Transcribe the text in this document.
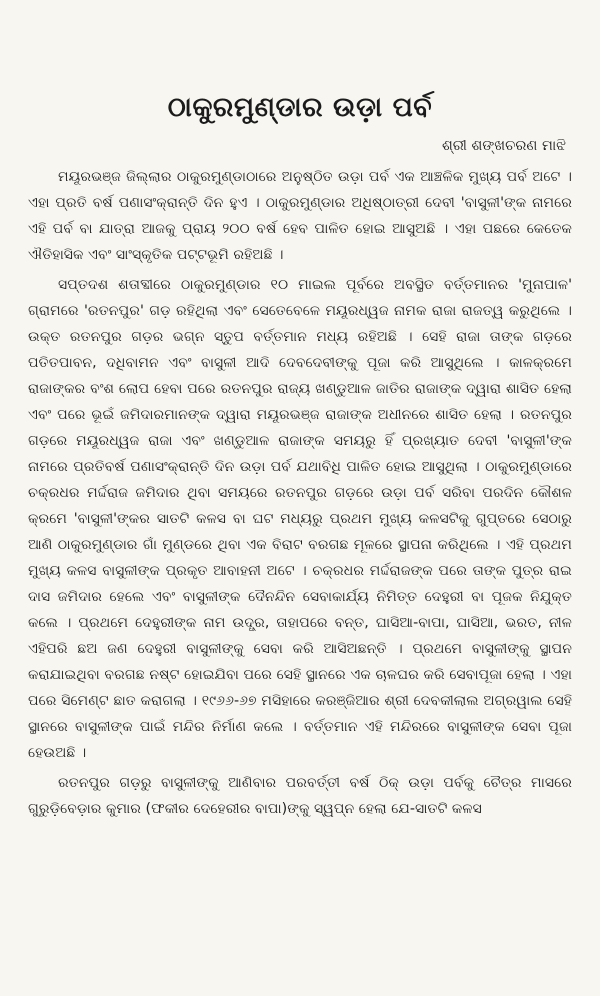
ଠାକୁରମୁଣ୍ଡାର ଉଡ଼ା ପର୍ବ
ଶ୍ରୀ ଶଙ୍ଖଚରଣ ମାଝି

ମୟୂରଭଞ୍ଜ ଜିଲ୍ଲାର ଠାକୁରମୁଣ୍ଡାଠାରେ ଅନୁଷ୍ଠିତ ଉଡ଼ା ପର୍ବ ଏକ ଆଞ୍ଚଳିକ ମୁଖ୍ୟ ପର୍ବ ଅଟେ । ଏହା ପ୍ରତି ବର୍ଷ ପଣାସଂକ୍ରାନ୍ତି ଦିନ ହୁଏ । ଠାକୁରମୁଣ୍ଡାର ଅଧିଷ୍ଠାତ୍ରୀ ଦେବୀ 'ବାସୁଳୀ'ଙ୍କ ନାମରେ ଏହି ପର୍ବ ବା ଯାତ୍ରା ଆଜକୁ ପ୍ରାୟ ୨୦୦ ବର୍ଷ ହେବ ପାଳିତ ହୋଇ ଆସୁଅଛି । ଏହା ପଛରେ କେତେକ ଐତିହାସିକ ଏବଂ ସାଂସ୍କୃତିକ ପଟ୍ଟଭୂମି ରହିଅଛି ।

ସପ୍ତଦଶ ଶତାବ୍ଦୀରେ ଠାକୁରମୁଣ୍ଡାର ୧୦ ମାଇଲ ପୂର୍ବରେ ଅବସ୍ଥିତ ବର୍ତ୍ତମାନର 'ମୁନାପାଳ' ଗ୍ରାମରେ 'ରତନପୁର' ଗଡ଼ ରହିଥିଲା ଏବଂ ସେତେବେଳେ ମୟୂରଧ୍ୱଜ ନାମକ ରାଜା ରାଜତ୍ୱ କରୁଥିଲେ । ଉକ୍ତ ରତନପୁର ଗଡ଼ର ଭଗ୍ନ ସ୍ତୁପ ବର୍ତ୍ତମାନ ମଧ୍ୟ ରହିଅଛି । ସେହି ରାଜା ତାଙ୍କ ଗଡ଼ରେ ପତିତପାବନ, ଦଧିବାମନ ଏବଂ ବାସୁଳୀ ଆଦି ଦେବଦେବୀଙ୍କୁ ପୂଜା କରି ଆସୁଥିଲେ । କାଳକ୍ରମେ ରାଜାଙ୍କର ବଂଶ ଲୋପ ହେବା ପରେ ରତନପୁର ରାଜ୍ୟ ଖଣ୍ଡୁଆଳ ଜାତିର ରାଜାଙ୍କ ଦ୍ୱାରା ଶାସିତ ହେଲା ଏବଂ ପରେ ଭୂଇଁ ଜମିଦାରମାନଙ୍କ ଦ୍ୱାରା ମୟୂରଭଞ୍ଜ ରାଜାଙ୍କ ଅଧୀନରେ ଶାସିତ ହେଲା । ରତନପୁର ଗଡ଼ରେ ମୟୂରଧ୍ୱଜ ରାଜା ଏବଂ ଖଣ୍ଡୁଆଳ ରାଜାଙ୍କ ସମୟରୁ ହିଁ ପ୍ରଖ୍ୟାତ ଦେବୀ 'ବାସୁଳୀ'ଙ୍କ ନାମରେ ପ୍ରତିବର୍ଷ ପଣାସଂକ୍ରାନ୍ତି ଦିନ ଉଡ଼ା ପର୍ବ ଯଥାବିଧି ପାଳିତ ହୋଇ ଆସୁଥିଲା । ଠାକୁରମୁଣ୍ଡାରେ ଚକ୍ରଧର ମର୍ଦ୍ଦରାଜ ଜମିଦାର ଥିବା ସମୟରେ ରତନପୁର ଗଡ଼ରେ ଉଡ଼ା ପର୍ବ ସରିବା ପରଦିନ କୌଶଳ କ୍ରମେ 'ବାସୁଳୀ'ଙ୍କର ସାତଟି କଳସ ବା ଘଟ ମଧ୍ୟରୁ ପ୍ରଥମ ମୁଖ୍ୟ କଳସଟିକୁ ଗୁପ୍ତରେ ସେଠାରୁ ଆଣି ଠାକୁରମୁଣ୍ଡାର ଗାଁ ମୁଣ୍ଡରେ ଥିବା ଏକ ବିରାଟ ବରଗଛ ମୂଳରେ ସ୍ଥାପନା କରିଥିଲେ । ଏହି ପ୍ରଥମ ମୁଖ୍ୟ କଳସ ବାସୁଳୀଙ୍କ ପ୍ରକୃତ ଆବାହନୀ ଅଟେ । ଚକ୍ରଧର ମର୍ଦ୍ଦରାଜଙ୍କ ପରେ ତାଙ୍କ ପୁତ୍ର ରାଇ ଦାସ ଜମିଦାର ହେଲେ ଏବଂ ବାସୁଳୀଙ୍କ ଦୈନନ୍ଦିନ ସେବାକାର୍ଯ୍ୟ ନିମିତ୍ତ ଦେହୁରୀ ବା ପୂଜକ ନିଯୁକ୍ତ କଲେ । ପ୍ରଥମେ ଦେହୁରୀଙ୍କ ନାମ ଉଦ୍ଧ୍ର, ତାହାପରେ ବନ୍ତ, ଘାସିଆ-ବାପା, ଘାସିଆ, ଭରତ, ନୀଳ ଏହିପରି ଛଅ ଜଣ ଦେହୁରୀ ବାସୁଳୀଙ୍କୁ ସେବା କରି ଆସିଅଛନ୍ତି । ପ୍ରଥମେ ବାସୁଳୀଙ୍କୁ ସ୍ଥାପନ କରାଯାଇଥିବା ବରଗଛ ନଷ୍ଟ ହୋଇଯିବା ପରେ ସେହି ସ୍ଥାନରେ ଏକ ଚାଳଘର କରି ସେବାପୂଜା ହେଲା । ଏହା ପରେ ସିମେଣ୍ଟ ଛାତ କରାଗଲା । ୧୯୬୬-୬୭ ମସିହାରେ କରଞ୍ଜିଆର ଶ୍ରୀ ଦେବକୀଲାଲ ଅଗ୍ରୱାଲ ସେହି ସ୍ଥାନରେ ବାସୁଳୀଙ୍କ ପାଇଁ ମନ୍ଦିର ନିର୍ମାଣ କଲେ । ବର୍ତ୍ତମାନ ଏହି ମନ୍ଦିରରେ ବାସୁଳୀଙ୍କ ସେବା ପୂଜା ହେଉଅଛି ।

ରତନପୁର ଗଡ଼ରୁ ବାସୁଳୀଙ୍କୁ ଆଣିବାର ପରବର୍ତ୍ତୀ ବର୍ଷ ଠିକ୍ ଉଡ଼ା ପର୍ବକୁ ଚୈତ୍ର ମାସରେ ଗୁରୁଡ଼ିବେଡ଼ାର କୁମାର (ଫକୀର ଦେହେରୀର ବାପା)ଙ୍କୁ ସ୍ୱପ୍ନ ହେଲା ଯେ-ସାତଟି କଳସ
